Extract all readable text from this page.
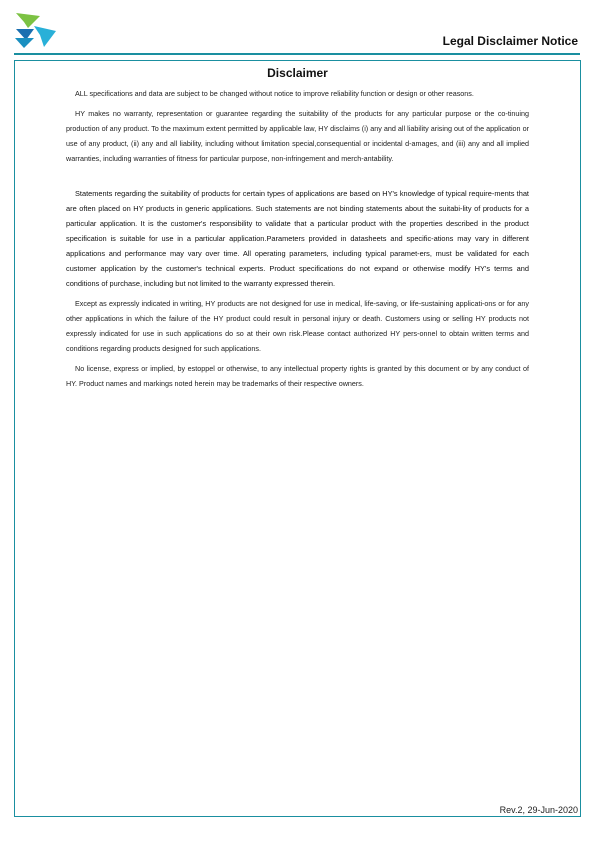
Legal Disclaimer Notice
Disclaimer
ALL specifications and data are subject to be changed without notice to improve reliability function or design or other reasons.
HY makes no warranty, representation or guarantee regarding the suitability of the products for any particular purpose or the co-tinuing production of any product. To the maximum extent permitted by applicable law, HY disclaims (i) any and all liability arising out of the application or use of any product, (ii) any and all liability, including without limitation special,consequential or incidental d-amages, and (iii) any and all implied warranties, including warranties of fitness for particular purpose, non-infringement and merch-antability.
Statements regarding the suitability of products for certain types of applications are based on HY's knowledge of typical require-ments that are often placed on HY products in generic applications. Such statements are not binding statements about the suitabi-lity of products for a particular application. It is the customer's responsibility to validate that a particular product with the properties described in the product specification is suitable for use in a particular application.Parameters provided in datasheets and specific-ations may vary in different applications and performance may vary over time. All operating parameters, including typical paramet-ers, must be validated for each customer application by the customer's technical experts. Product specifications do not expand or otherwise modify HY's terms and conditions of purchase, including but not limited to the warranty expressed therein.
Except as expressly indicated in writing, HY products are not designed for use in medical, life-saving, or life-sustaining applicati-ons or for any other applications in which the failure of the HY product could result in personal injury or death. Customers using or selling HY products not expressly indicated for use in such applications do so at their own risk.Please contact authorized HY pers-onnel to obtain written terms and conditions regarding products designed for such applications.
No license, express or implied, by estoppel or otherwise, to any intellectual property rights is granted by this document or by any conduct of HY. Product names and markings noted herein may be trademarks of their respective owners.
Rev.2, 29-Jun-2020
